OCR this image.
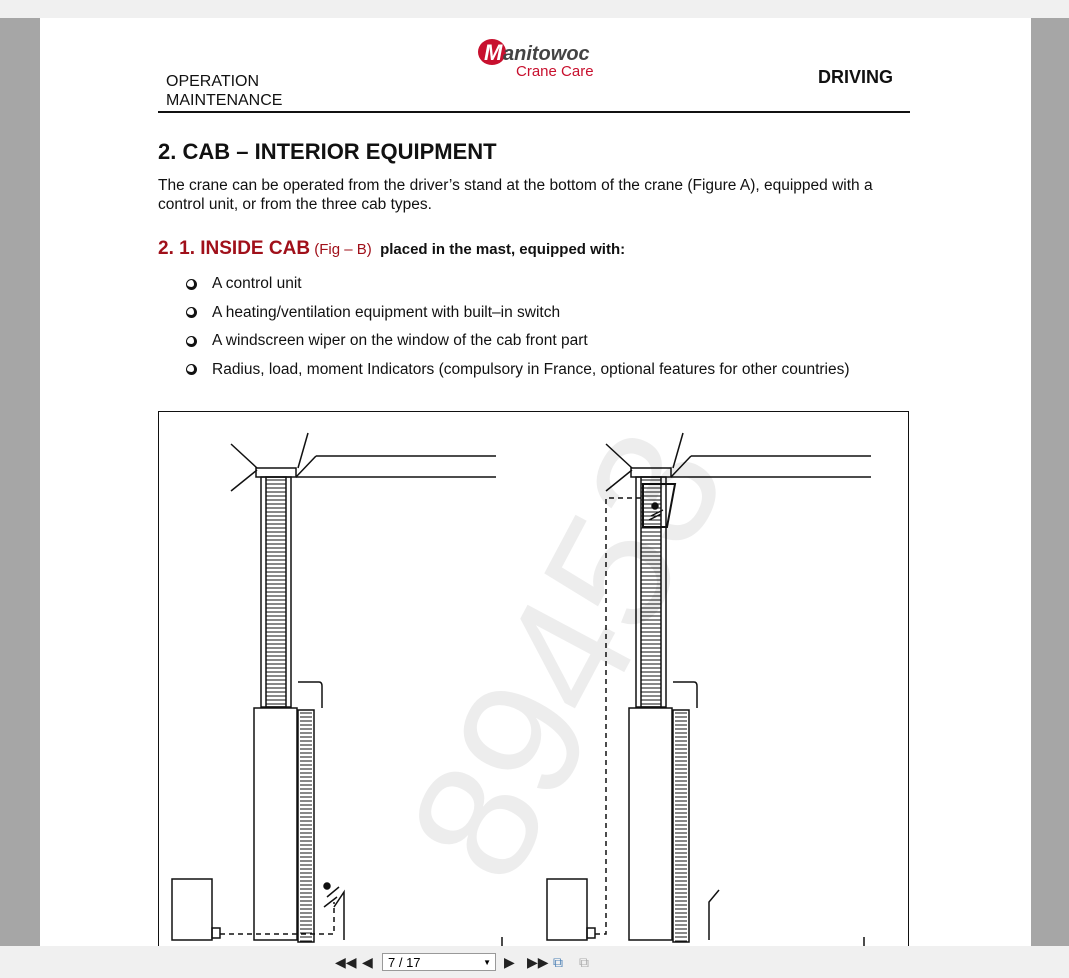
OPERATION
MAINTENANCE
M anitowoc
Crane Care	DRIVING
2. CAB – INTERIOR EQUIPMENT
The crane can be operated from the driver’s stand at the bottom of the crane (Figure A), equipped with a control unit, or from the three cab types.
2. 1. INSIDE CAB (Fig – B) placed in the mast, equipped with:
A control unit
A heating/ventilation equipment with built–in switch
A windscreen wiper on the window of the cab front part
Radius, load, moment Indicators (compulsory in France, optional features for other countries)
89453
◀◀ ◀	7 / 17	▼ ▶ ▶▶ ⧉ ⧉
